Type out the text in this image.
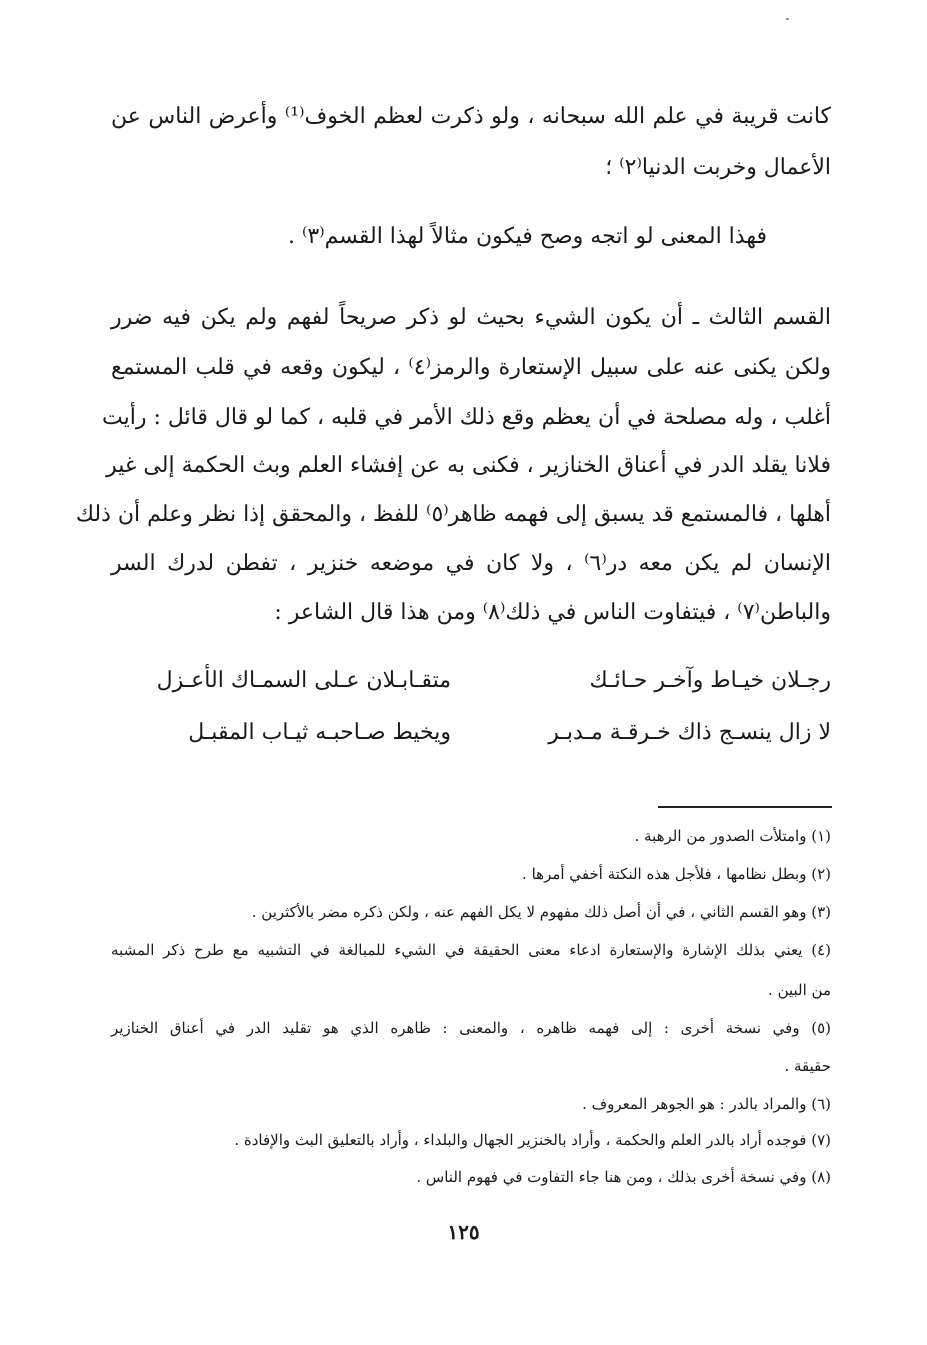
كانت قريبة في علم الله سبحانه ، ولو ذكرت لعظم الخوف⁽¹⁾ وأعرض الناس عن
الأعمال وخربت الدنيا⁽٢⁾ ؛
فهذا المعنى لو اتجه وصح فيكون مثالاً لهذا القسم⁽٣⁾ .
القسم الثالث ـ أن يكون الشيء بحيث لو ذكر صريحاً لفهم ولم يكن فيه ضرر
ولكن يكنى عنه على سبيل الإستعارة والرمز⁽٤⁾ ، ليكون وقعه في قلب المستمع
أغلب ، وله مصلحة في أن يعظم وقع ذلك الأمر في قلبه ، كما لو قال قائل : رأيت
فلانا يقلد الدر في أعناق الخنازير ، فكنى به عن إفشاء العلم وبث الحكمة إلى غير
أهلها ، فالمستمع قد يسبق إلى فهمه ظاهر⁽٥⁾ للفظ ، والمحقق إذا نظر وعلم أن ذلك
الإنسان لم يكن معه در⁽٦⁾ ، ولا كان في موضعه خنزير ، تفطن لدرك السر
والباطن⁽٧⁾ ، فيتفاوت الناس في ذلك⁽٨⁾ ومن هذا قال الشاعر :
رجـلان خيـاط وآخـر حـائـك
متقـابـلان عـلى السمـاك الأعـزل
لا زال ينسـج ذاك خـرقـة مـدبـر
ويخيط صـاحبـه ثيـاب المقبـل
(١) وامتلأت الصدور من الرهبة .
(٢) وبطل نظامها ، فلأجل هذه النكتة أخفي أمرها .
(٣) وهو القسم الثاني ، في أن أصل ذلك مفهوم لا يكل الفهم عنه ، ولكن ذكره مضر بالأكثرين .
(٤) يعني بذلك الإشارة والإستعارة ادعاء معنى الحقيقة في الشيء للمبالغة في التشبيه مع طرح ذكر المشبه
من البين .
(٥) وفي نسخة أخرى : إلى فهمه ظاهره ، والمعنى : ظاهره الذي هو تقليد الدر في أعناق الخنازير
حقيقة .
(٦) والمراد بالدر : هو الجوهر المعروف .
(٧) فوجده أراد بالدر العلم والحكمة ، وأراد بالخنزير الجهال والبلداء ، وأراد بالتعليق البث والإفادة .
(٨) وفي نسخة أخرى بذلك ، ومن هنا جاء التفاوت في فهوم الناس .
١٢٥
